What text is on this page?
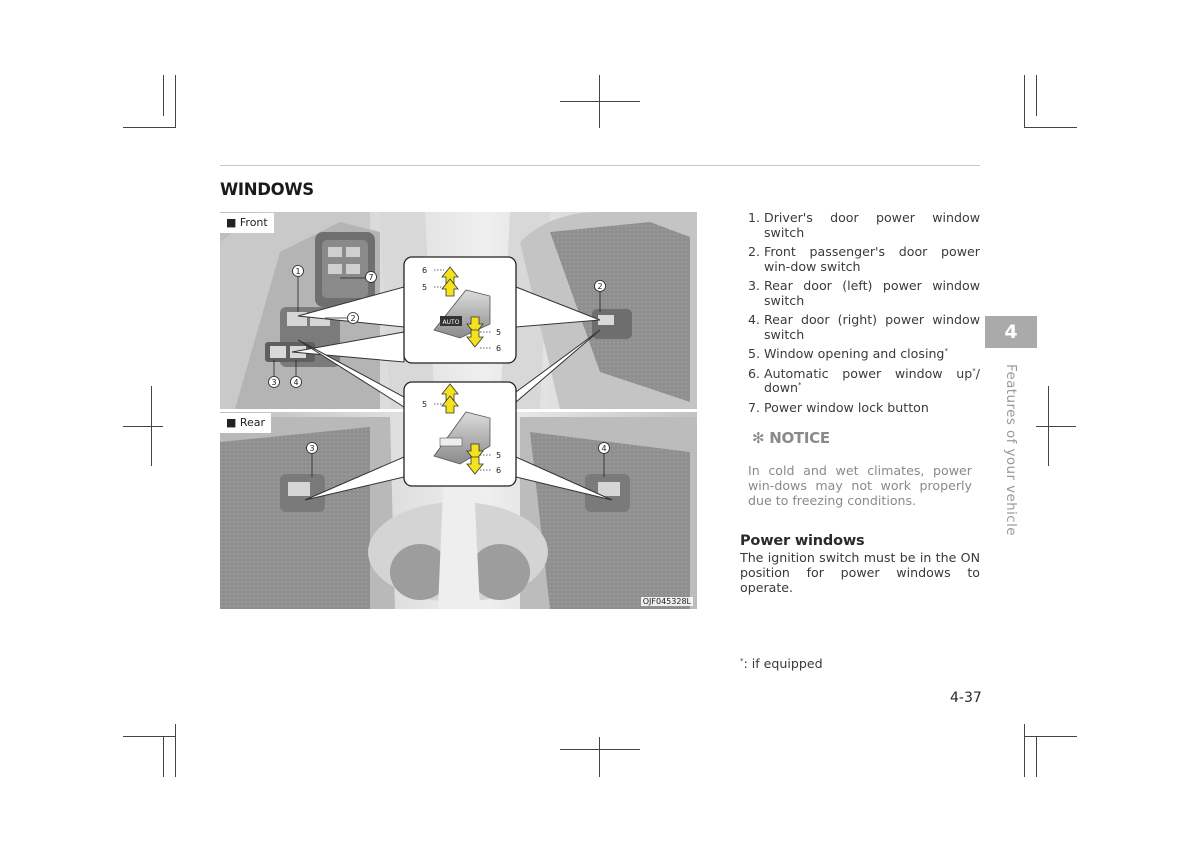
WINDOWS
AUTO
6
5
5
6
5
5
6
1
7
2
3 4
2
3	4
■ Front
■ Rear
OJF045328L
1. Driver's door power window switch
2. Front passenger's door power win-dow switch
3. Rear door (left) power window switch
4. Rear door (right) power window switch
5. Window opening and closing*
6. Automatic power window up*/ down*
7. Power window lock button
✻ NOTICE
In cold and wet climates, power win-dows may not work properly due to freezing conditions.
Power windows
The ignition switch must be in the ON position for power windows to operate.
*: if equipped
4-37
4
Features of your vehicle
